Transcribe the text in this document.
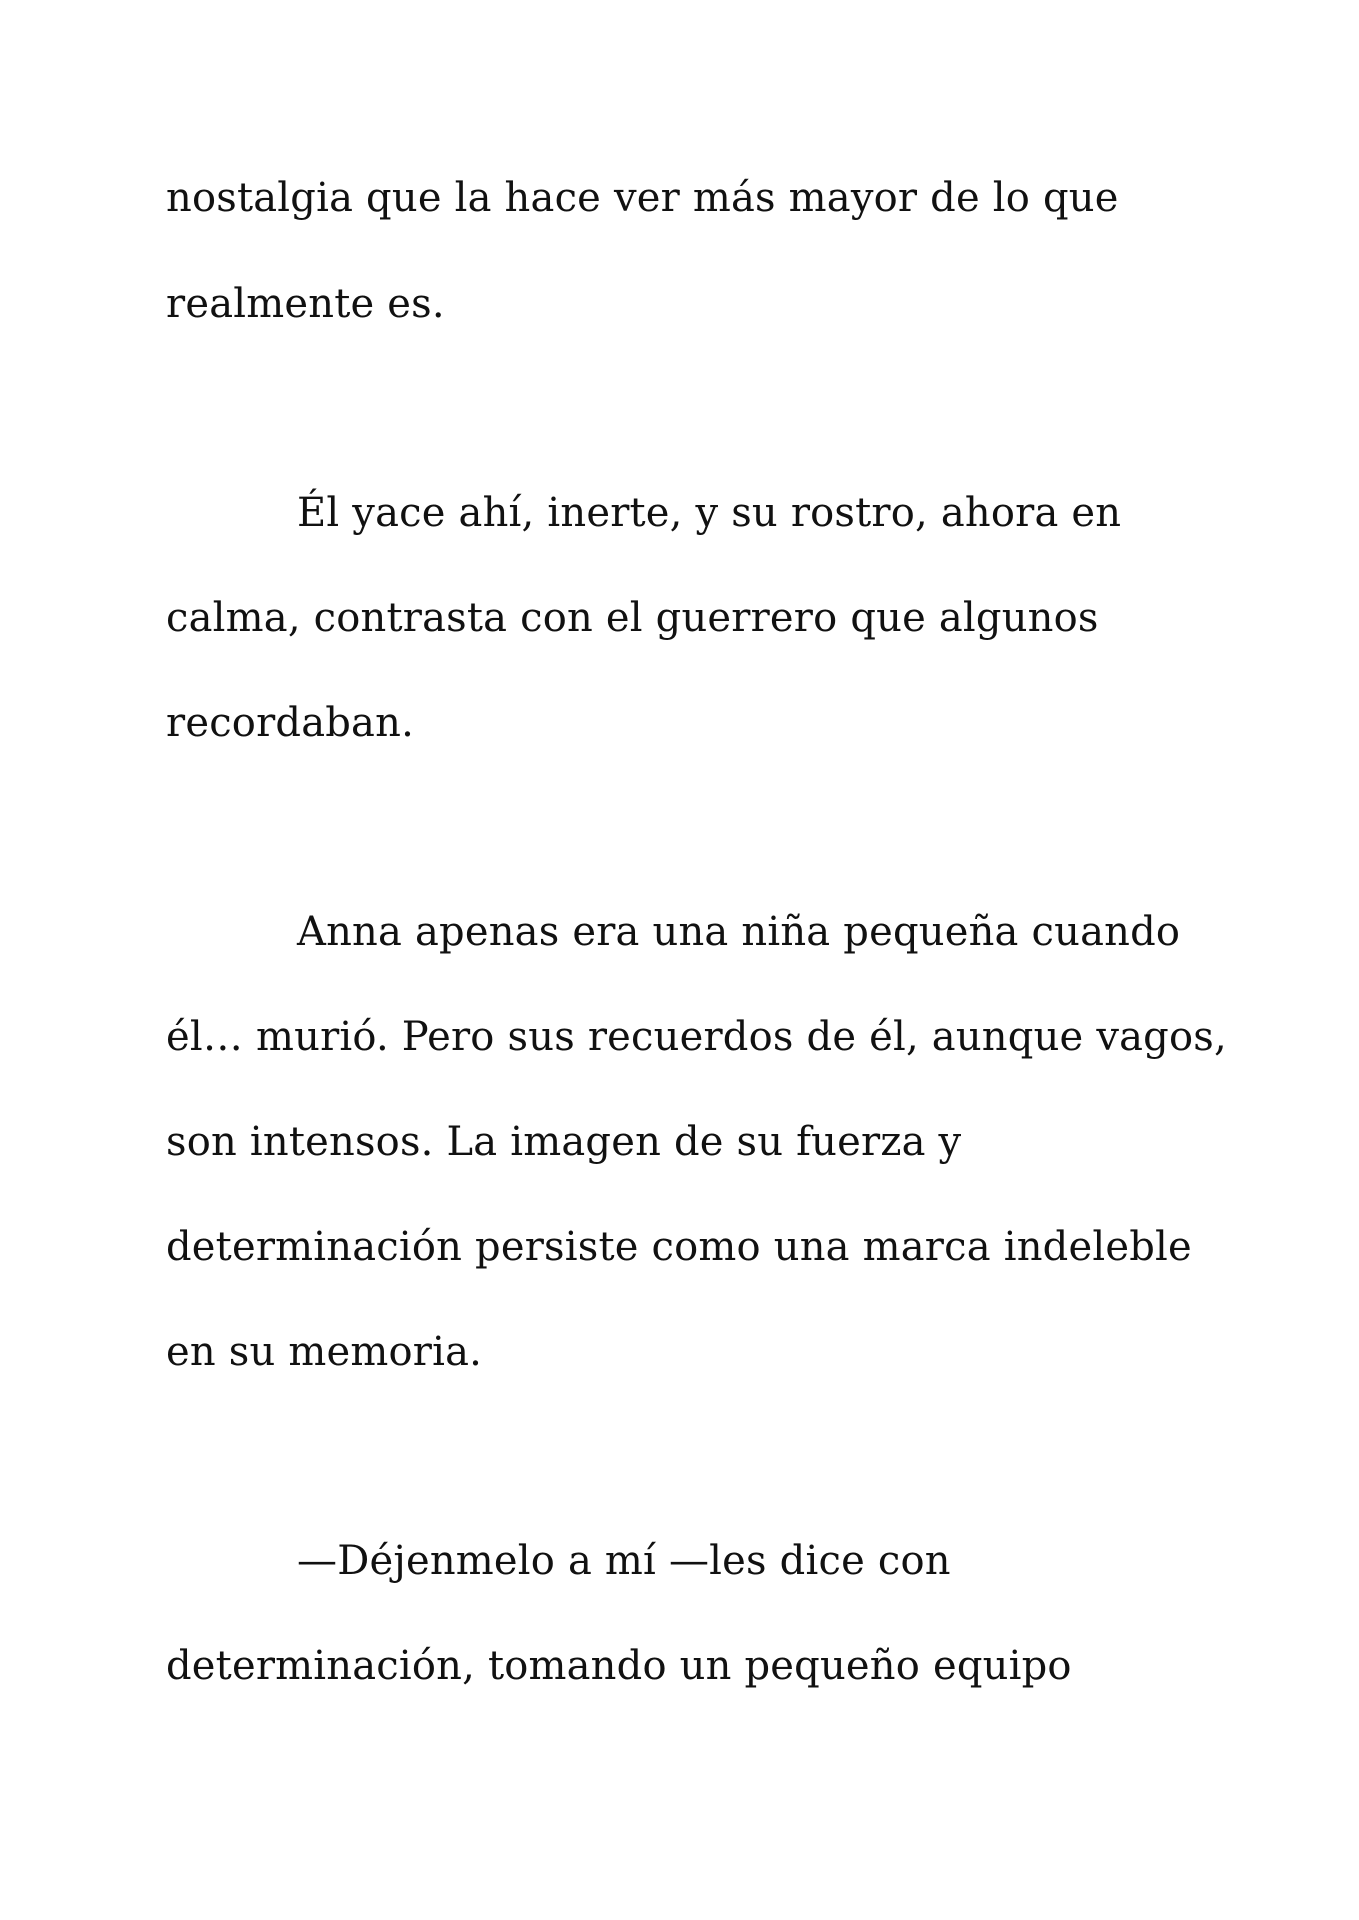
nostalgia que la hace ver más mayor de lo que

realmente es.

Él yace ahí, inerte, y su rostro, ahora en

calma, contrasta con el guerrero que algunos

recordaban.

Anna apenas era una niña pequeña cuando

él… murió. Pero sus recuerdos de él, aunque vagos,

son intensos. La imagen de su fuerza y

determinación persiste como una marca indeleble

en su memoria.

—Déjenmelo a mí —les dice con

determinación, tomando un pequeño equipo
